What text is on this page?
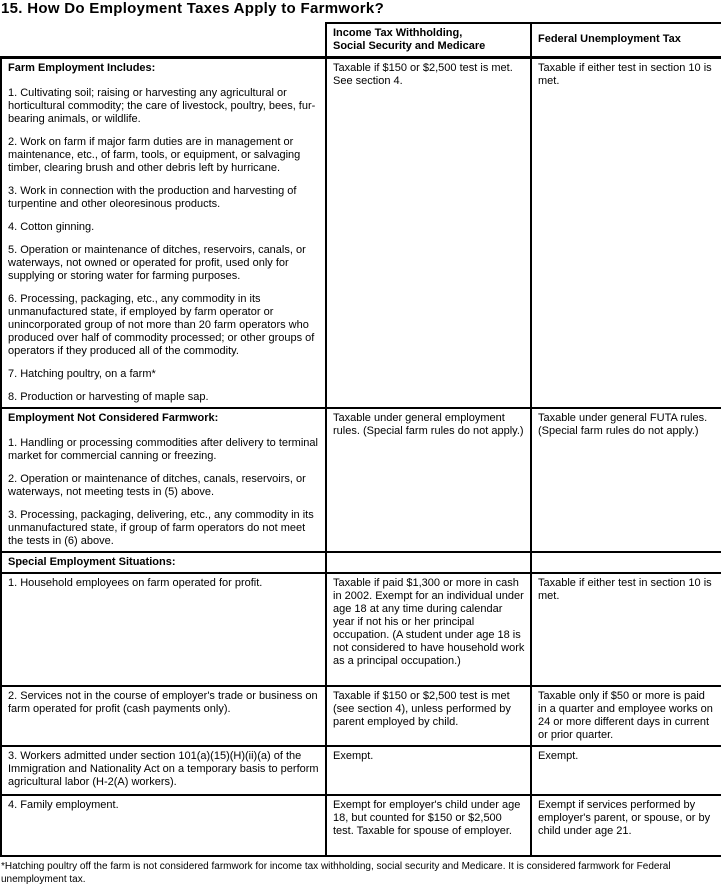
15. How Do Employment Taxes Apply to Farmwork?

	Income Tax Withholding,
Social Security and Medicare	Federal Unemployment Tax

Farm Employment Includes:

1. Cultivating soil; raising or harvesting any agricultural or horticultural commodity; the care of livestock, poultry, bees, fur-bearing animals, or wildlife.

2. Work on farm if major farm duties are in management or maintenance, etc., of farm, tools, or equipment, or salvaging timber, clearing brush and other debris left by hurricane.

3. Work in connection with the production and harvesting of turpentine and other oleoresinous products.

4. Cotton ginning.

5. Operation or maintenance of ditches, reservoirs, canals, or waterways, not owned or operated for profit, used only for supplying or storing water for farming purposes.

6. Processing, packaging, etc., any commodity in its unmanufactured state, if employed by farm operator or unincorporated group of not more than 20 farm operators who produced over half of commodity processed; or other groups of operators if they produced all of the commodity.

7. Hatching poultry, on a farm*

8. Production or harvesting of maple sap.

	Taxable if $150 or $2,500 test is met. See section 4.	Taxable if either test in section 10 is met.

Employment Not Considered Farmwork:

1. Handling or processing commodities after delivery to terminal market for commercial canning or freezing.

2. Operation or maintenance of ditches, canals, reservoirs, or waterways, not meeting tests in (5) above.

3. Processing, packaging, delivering, etc., any commodity in its unmanufactured state, if group of farm operators do not meet the tests in (6) above.	Taxable under general employment rules. (Special farm rules do not apply.)	Taxable under general FUTA rules. (Special farm rules do not apply.)

Special Employment Situations:		

1. Household employees on farm operated for profit.	Taxable if paid $1,300 or more in cash in 2002. Exempt for an individual under age 18 at any time during calendar year if not his or her principal occupation. (A student under age 18 is not considered to have household work as a principal occupation.)	Taxable if either test in section 10 is met.
2. Services not in the course of employer's trade or business on farm operated for profit (cash payments only).	Taxable if $150 or $2,500 test is met (see section 4), unless performed by parent employed by child.	Taxable only if $50 or more is paid in a quarter and employee works on 24 or more different days in current or prior quarter.
3. Workers admitted under section 101(a)(15)(H)(ii)(a) of the Immigration and Nationality Act on a temporary basis to perform agricultural labor (H-2(A) workers).	Exempt.	Exempt.
4. Family employment.	Exempt for employer's child under age 18, but counted for $150 or $2,500 test. Taxable for spouse of employer.	Exempt if services performed by employer's parent, or spouse, or by child under age 21.
*Hatching poultry off the farm is not considered farmwork for income tax withholding, social security and Medicare. It is considered farmwork for Federal unemployment tax.
